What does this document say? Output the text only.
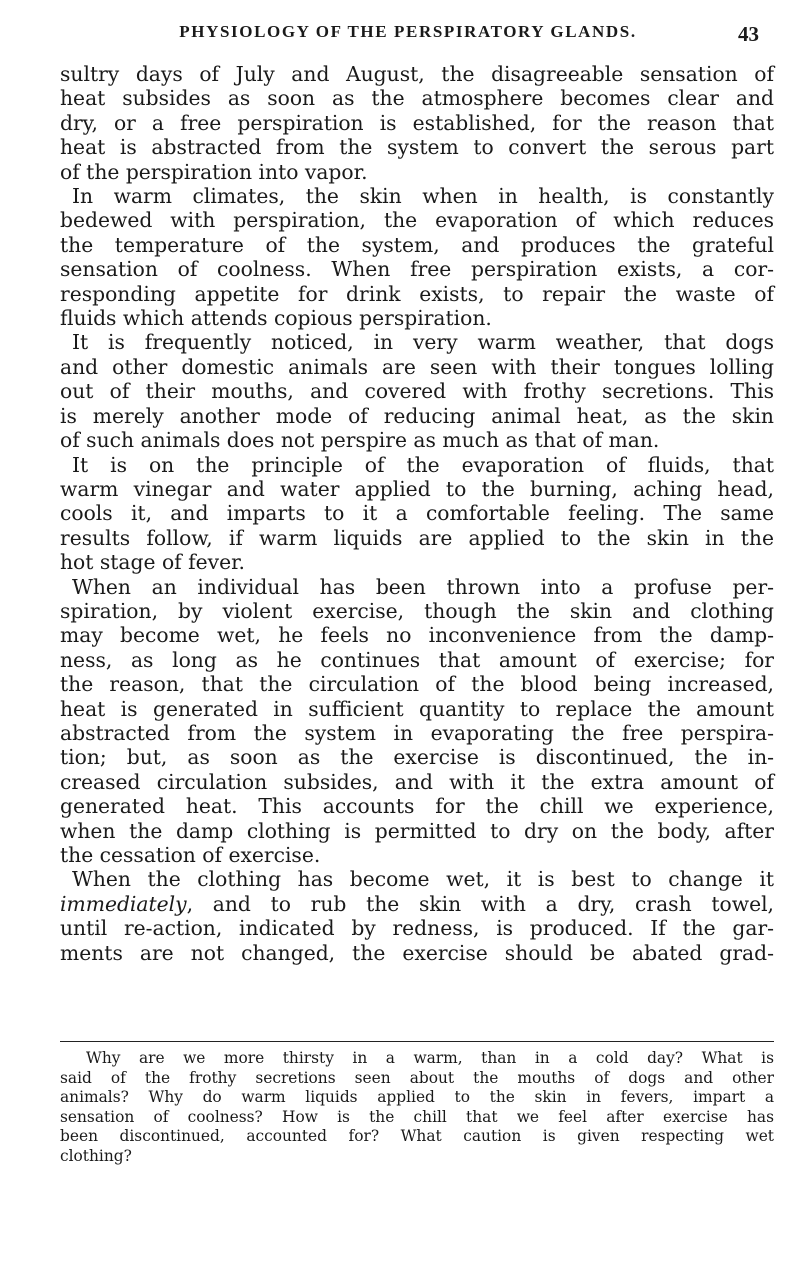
PHYSIOLOGY OF THE PERSPIRATORY GLANDS.	43
sultry days of July and August, the disagreeable sensation of
heat subsides as soon as the atmosphere becomes clear and
dry, or a free perspiration is established, for the reason that
heat is abstracted from the system to convert the serous part
of the perspiration into vapor.
In warm climates, the skin when in health, is constantly
bedewed with perspiration, the evaporation of which reduces
the temperature of the system, and produces the grateful
sensation of coolness. When free perspiration exists, a cor-
responding appetite for drink exists, to repair the waste of
fluids which attends copious perspiration.
It is frequently noticed, in very warm weather, that dogs
and other domestic animals are seen with their tongues lolling
out of their mouths, and covered with frothy secretions. This
is merely another mode of reducing animal heat, as the skin
of such animals does not perspire as much as that of man.
It is on the principle of the evaporation of fluids, that
warm vinegar and water applied to the burning, aching head,
cools it, and imparts to it a comfortable feeling. The same
results follow, if warm liquids are applied to the skin in the
hot stage of fever.
When an individual has been thrown into a profuse per-
spiration, by violent exercise, though the skin and clothing
may become wet, he feels no inconvenience from the damp-
ness, as long as he continues that amount of exercise; for
the reason, that the circulation of the blood being increased,
heat is generated in sufficient quantity to replace the amount
abstracted from the system in evaporating the free perspira-
tion; but, as soon as the exercise is discontinued, the in-
creased circulation subsides, and with it the extra amount of
generated heat. This accounts for the chill we experience,
when the damp clothing is permitted to dry on the body, after
the cessation of exercise.
When the clothing has become wet, it is best to change it
immediately, and to rub the skin with a dry, crash towel,
until re-action, indicated by redness, is produced. If the gar-
ments are not changed, the exercise should be abated grad-
Why are we more thirsty in a warm, than in a cold day? What is
said of the frothy secretions seen about the mouths of dogs and other
animals? Why do warm liquids applied to the skin in fevers, impart a
sensation of coolness? How is the chill that we feel after exercise has
been discontinued, accounted for? What caution is given respecting wet
clothing?
